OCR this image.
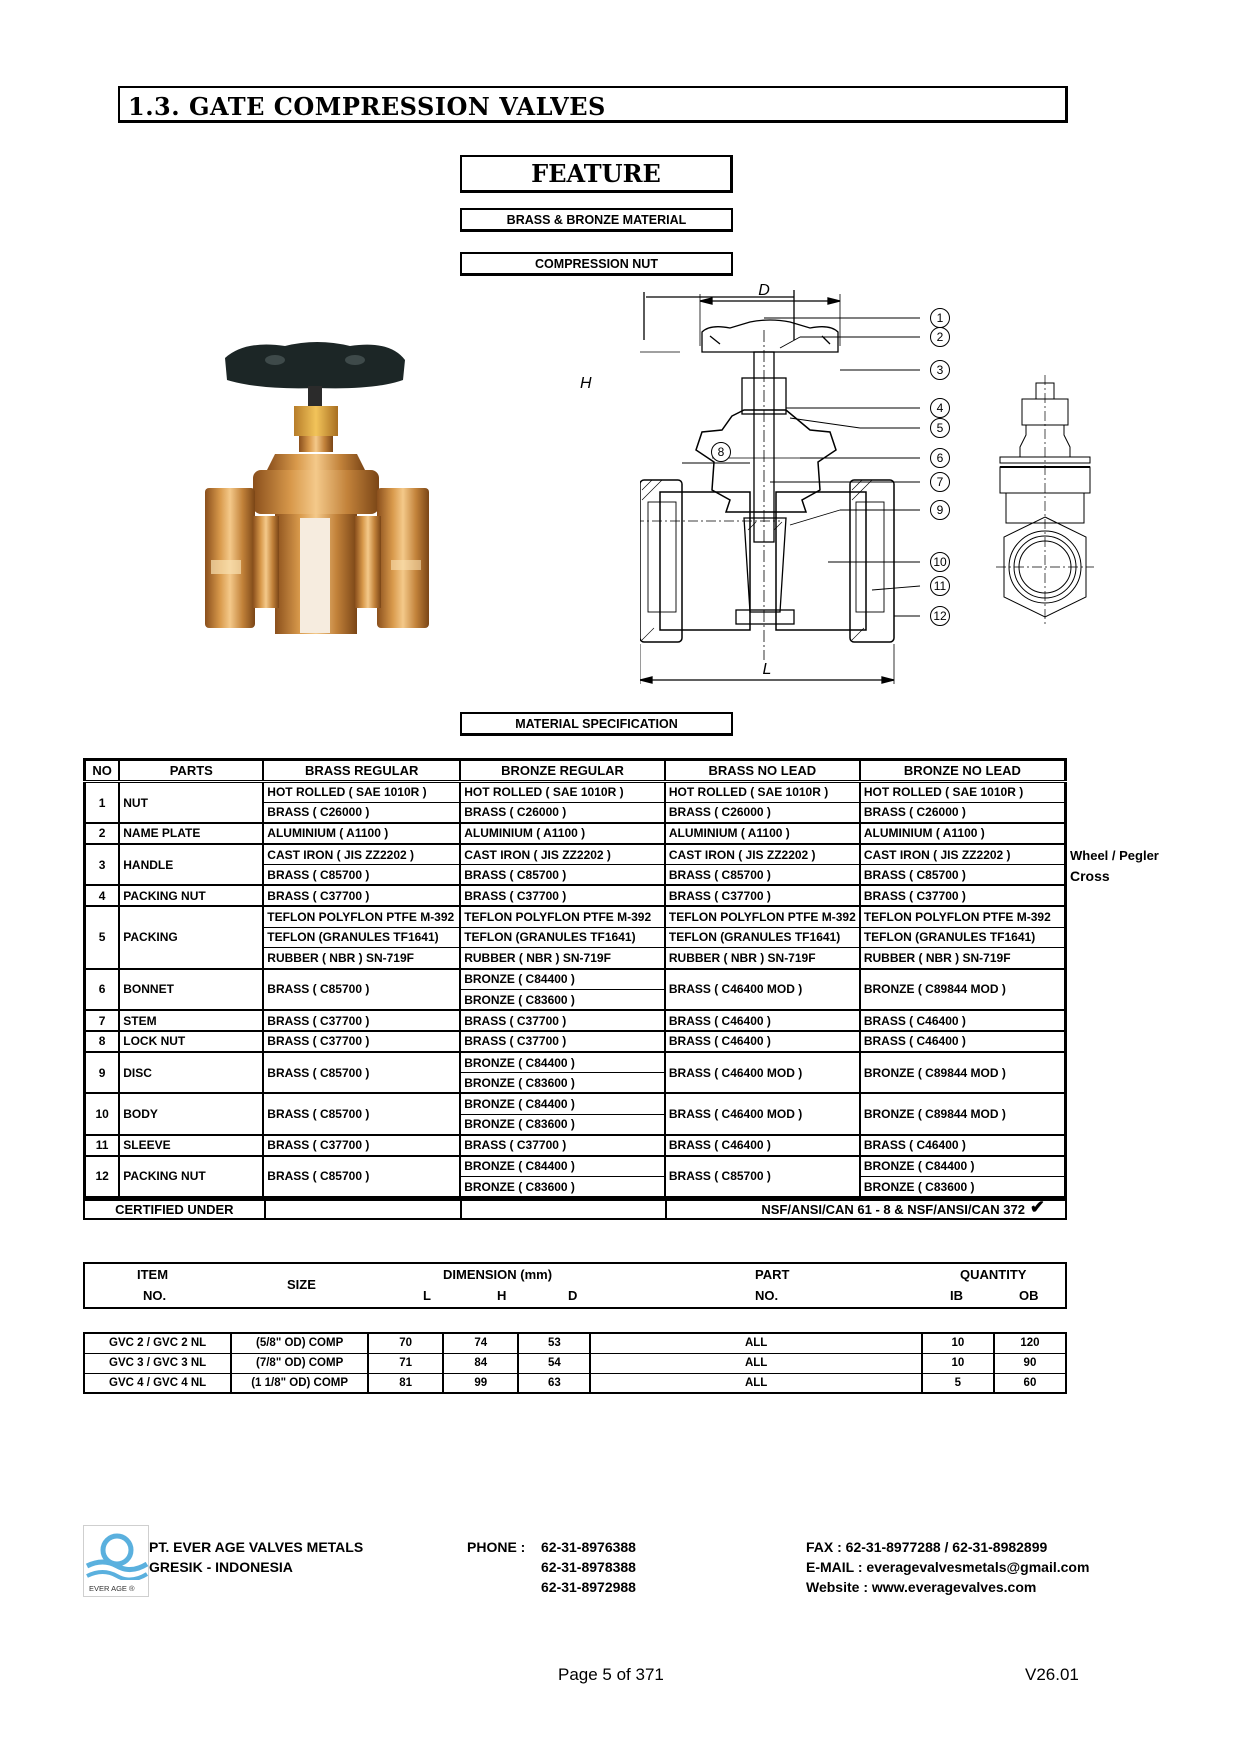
1.3. GATE COMPRESSION VALVES
FEATURE
BRASS & BRONZE MATERIAL
COMPRESSION NUT
D
L
H
1
2
3
4
5
6
7
8
9
10
11
12
MATERIAL SPECIFICATION
NO	PARTS	BRASS REGULAR	BRONZE REGULAR	BRASS NO LEAD	BRONZE NO LEAD
1	NUT	HOT ROLLED ( SAE 1010R )	HOT ROLLED ( SAE 1010R )	HOT ROLLED ( SAE 1010R )	HOT ROLLED ( SAE 1010R )
		BRASS ( C26000 )	BRASS ( C26000 )	BRASS ( C26000 )	BRASS ( C26000 )
2	NAME PLATE	ALUMINIUM ( A1100 )	ALUMINIUM ( A1100 )	ALUMINIUM ( A1100 )	ALUMINIUM ( A1100 )
3	HANDLE	CAST IRON ( JIS ZZ2202 )	CAST IRON ( JIS ZZ2202 )	CAST IRON ( JIS ZZ2202 )	CAST IRON ( JIS ZZ2202 )
		BRASS ( C85700 )	BRASS ( C85700 )	BRASS ( C85700 )	BRASS ( C85700 )
4	PACKING NUT	BRASS ( C37700 )	BRASS ( C37700 )	BRASS ( C37700 )	BRASS ( C37700 )
5	PACKING	TEFLON POLYFLON PTFE M-392	TEFLON POLYFLON PTFE M-392	TEFLON POLYFLON PTFE M-392	TEFLON POLYFLON PTFE M-392
		TEFLON (GRANULES TF1641)	TEFLON (GRANULES TF1641)	TEFLON (GRANULES TF1641)	TEFLON (GRANULES TF1641)
		RUBBER ( NBR ) SN-719F	RUBBER ( NBR ) SN-719F	RUBBER ( NBR ) SN-719F	RUBBER ( NBR ) SN-719F
6	BONNET	BRASS ( C85700 )	BRONZE ( C84400 )	BRASS ( C46400 MOD )	BRONZE ( C89844 MOD )
			BRONZE ( C83600 )		
7	STEM	BRASS ( C37700 )	BRASS ( C37700 )	BRASS ( C46400 )	BRASS ( C46400 )
8	LOCK NUT	BRASS ( C37700 )	BRASS ( C37700 )	BRASS ( C46400 )	BRASS ( C46400 )
9	DISC	BRASS ( C85700 )	BRONZE ( C84400 )	BRASS ( C46400 MOD )	BRONZE ( C89844 MOD )
			BRONZE ( C83600 )		
10	BODY	BRASS ( C85700 )	BRONZE ( C84400 )	BRASS ( C46400 MOD )	BRONZE ( C89844 MOD )
			BRONZE ( C83600 )		
11	SLEEVE	BRASS ( C37700 )	BRASS ( C37700 )	BRASS ( C46400 )	BRASS ( C46400 )
12	PACKING NUT	BRASS ( C85700 )	BRONZE ( C84400 )	BRASS ( C85700 )	BRONZE ( C84400 )
			BRONZE ( C83600 )		BRONZE ( C83600 )
Wheel / Pegler
Cross
CERTIFIED UNDER			NSF/ANSI/CAN 61 - 8 & NSF/ANSI/CAN 372 ✔
ITEM
NO.
SIZE
DIMENSION (mm)
L	H	D
PART
NO.
QUANTITY
IB	OB
GVC 2 / GVC 2 NL	(5/8" OD) COMP	70	74	53	ALL	10	120
GVC 3 / GVC 3 NL	(7/8" OD) COMP	71	84	54	ALL	10	90
GVC 4 / GVC 4 NL	(1 1/8" OD) COMP	81	99	63	ALL	5	60
EVER AGE ®
PT. EVER AGE VALVES METALS
GRESIK - INDONESIA
PHONE : 62-31-8976388
62-31-8978388
62-31-8972988
FAX : 62-31-8977288 / 62-31-8982899
E-MAIL : everagevalvesmetals@gmail.com
Website : www.everagevalves.com
Page 5 of 371	V26.01
